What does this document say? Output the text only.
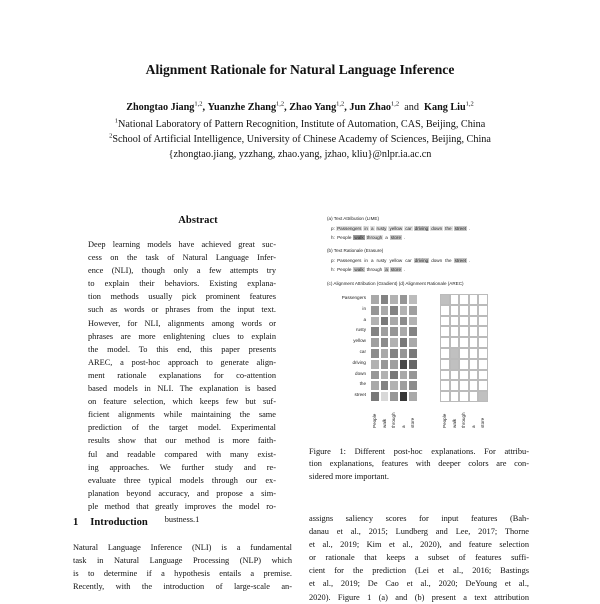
Alignment Rationale for Natural Language Inference
Zhongtao Jiang$^{1,2}$, Yuanzhe Zhang$^{1,2}$, Zhao Yang$^{1,2}$, Jun Zhao$^{1,2}$ and Kang Liu$^{1,2}$
$^1$National Laboratory of Pattern Recognition, Institute of Automation, CAS, Beijing, China
$^2$School of Artificial Intelligence, University of Chinese Academy of Sciences, Beijing, China
{zhongtao.jiang, yzzhang, zhao.yang, jzhao, kliu}@nlpr.ia.ac.cn
Abstract
Deep learning models have achieved great suc-
cess on the task of Natural Language Infer-
ence (NLI), though only a few attempts try
to explain their behaviors. Existing explana-
tion methods usually pick prominent features
such as words or phrases from the input text.
However, for NLI, alignments among words or
phrases are more enlightening clues to explain
the model. To this end, this paper presents
AREC, a post-hoc approach to generate align-
ment rationale explanations for co-attention
based models in NLI. The explanation is based
on feature selection, which keeps few but suf-
ficient alignments while maintaining the same
prediction of the target model. Experimental
results show that our method is more faith-
ful and readable compared with many exist-
ing approaches. We further study and re-
evaluate three typical models through our ex-
planation beyond accuracy, and propose a sim-
ple method that greatly improves the model ro-
bustness.1
1 Introduction
Natural Language Inference (NLI) is a fundamental
task in Natural Language Processing (NLP) which
is to determine if a hypothesis entails a premise.
Recently, with the introduction of large-scale an-
assigns saliency scores for input features (Bah-
danau et al., 2015; Lundberg and Lee, 2017; Thorne
et al., 2019; Kim et al., 2020), and feature selection
or rationale that keeps a subset of features suffi-
cient for the prediction (Lei et al., 2016; Bastings
et al., 2019; De Cao et al., 2020; DeYoung et al.,
2020). Figure 1 (a) and (b) present a text attribution
(a) Text Attribution (LIME)
p: Passengers in a rusty yellow car driving down the street .
h: People walk through a store .
(b) Text Rationale (Erasure)
p: Passengers in a rusty yellow car driving down the street .
h: People walk through a store .
(c) Alignment Attribution (Gradient) (d) Alignment Rationale (AREC)
Passengers
in
a
rusty
yellow
car
driving
down
the
street
People walk through a store	People walk through a store
Figure 1: Different post-hoc explanations. For attribu-
tion explanations, features with deeper colors are con-
sidered more important.
